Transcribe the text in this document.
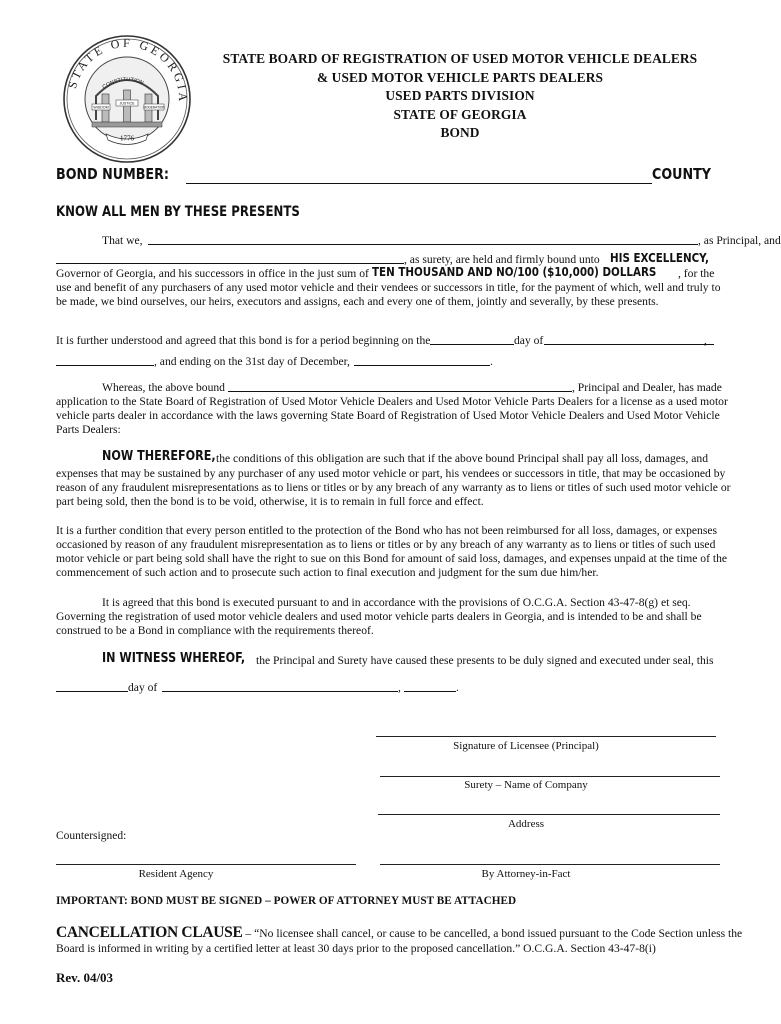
STATE OF GEORGIA
CONSTITUTION
WISDOM
JUSTICE
MODERATION
1776
STATE BOARD OF REGISTRATION OF USED MOTOR VEHICLE DEALERS
& USED MOTOR VEHICLE PARTS DEALERS
USED PARTS DIVISION
STATE OF GEORGIA
BOND
BOND NUMBER:	COUNTY
KNOW ALL MEN BY THESE PRESENTS
That we,	, as Principal, and
, as surety, are held and firmly bound unto HIS EXCELLENCY,
Governor of Georgia, and his successors in office in the just sum of TEN THOUSAND AND NO/100 ($10,000) DOLLARS , for the
use and benefit of any purchasers of any used motor vehicle and their vendees or successors in title, for the payment of which, well and truly to
be made, we bind ourselves, our heirs, executors and assigns, each and every one of them, jointly and severally, by these presents.
It is further understood and agreed that this bond is for a period beginning on the	day of	,
, and ending on the 31st day of December,	.
Whereas, the above bound	, Principal and Dealer, has made
application to the State Board of Registration of Used Motor Vehicle Dealers and Used Motor Vehicle Parts Dealers for a license as a used motor
vehicle parts dealer in accordance with the laws governing State Board of Registration of Used Motor Vehicle Dealers and Used Motor Vehicle
Parts Dealers:
NOW THEREFORE, the conditions of this obligation are such that if the above bound Principal shall pay all loss, damages, and
expenses that may be sustained by any purchaser of any used motor vehicle or part, his vendees or successors in title, that may be occasioned by
reason of any fraudulent misrepresentations as to liens or titles or by any breach of any warranty as to liens or titles of such used motor vehicle or
part being sold, then the bond is to be void, otherwise, it is to remain in full force and effect.
It is a further condition that every person entitled to the protection of the Bond who has not been reimbursed for all loss, damages, or expenses
occasioned by reason of any fraudulent misrepresentation as to liens or titles or by any breach of any warranty as to liens or titles of such used
motor vehicle or part being sold shall have the right to sue on this Bond for amount of said loss, damages, and expenses unpaid at the time of the
commencement of such action and to prosecute such action to final execution and judgment for the sum due him/her.
It is agreed that this bond is executed pursuant to and in accordance with the provisions of O.C.G.A. Section 43-47-8(g) et seq.
Governing the registration of used motor vehicle dealers and used motor vehicle parts dealers in Georgia, and is intended to be and shall be
construed to be a Bond in compliance with the requirements thereof.
IN WITNESS WHEREOF, the Principal and Surety have caused these presents to be duly signed and executed under seal, this
day of	,	.
Signature of Licensee (Principal)
Surety – Name of Company
Address
Countersigned:
Resident Agency	By Attorney-in-Fact
IMPORTANT: BOND MUST BE SIGNED – POWER OF ATTORNEY MUST BE ATTACHED
CANCELLATION CLAUSE – “No licensee shall cancel, or cause to be cancelled, a bond issued pursuant to the Code Section unless the
Board is informed in writing by a certified letter at least 30 days prior to the proposed cancellation.” O.C.G.A. Section 43-47-8(i)
Rev. 04/03
